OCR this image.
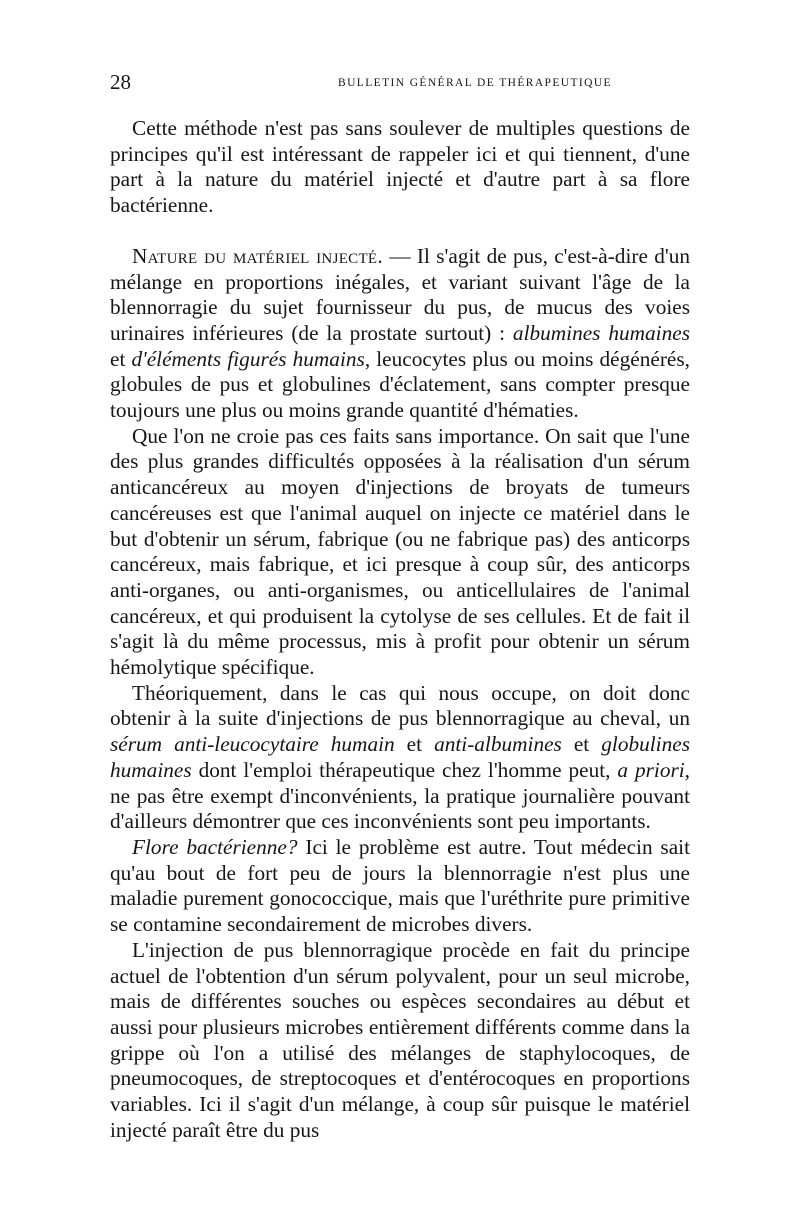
28	BULLETIN GÉNÉRAL DE THÉRAPEUTIQUE

Cette méthode n'est pas sans soulever de multiples questions de principes qu'il est intéressant de rappeler ici et qui tiennent, d'une part à la nature du matériel injecté et d'autre part à sa flore bactérienne.

Nature du matériel injecté. — Il s'agit de pus, c'est-à-dire d'un mélange en proportions inégales, et variant suivant l'âge de la blennorragie du sujet fournisseur du pus, de mucus des voies urinaires inférieures (de la prostate surtout) : albumines humaines et d'éléments figurés humains, leucocytes plus ou moins dégénérés, globules de pus et globulines d'éclatement, sans compter presque toujours une plus ou moins grande quantité d'hématies.

Que l'on ne croie pas ces faits sans importance. On sait que l'une des plus grandes difficultés opposées à la réalisation d'un sérum anticancéreux au moyen d'injections de broyats de tumeurs cancéreuses est que l'animal auquel on injecte ce matériel dans le but d'obtenir un sérum, fabrique (ou ne fabrique pas) des anticorps cancéreux, mais fabrique, et ici presque à coup sûr, des anticorps anti-organes, ou anti-organismes, ou anticellulaires de l'animal cancéreux, et qui produisent la cytolyse de ses cellules. Et de fait il s'agit là du même processus, mis à profit pour obtenir un sérum hémolytique spécifique.

Théoriquement, dans le cas qui nous occupe, on doit donc obtenir à la suite d'injections de pus blennorragique au cheval, un sérum anti-leucocytaire humain et anti-albumines et globulines humaines dont l'emploi thérapeutique chez l'homme peut, a priori, ne pas être exempt d'inconvénients, la pratique journalière pouvant d'ailleurs démontrer que ces inconvénients sont peu importants.

Flore bactérienne? Ici le problème est autre. Tout médecin sait qu'au bout de fort peu de jours la blennorragie n'est plus une maladie purement gonococcique, mais que l'uréthrite pure primitive se contamine secondairement de microbes divers.

L'injection de pus blennorragique procède en fait du principe actuel de l'obtention d'un sérum polyvalent, pour un seul microbe, mais de différentes souches ou espèces secondaires au début et aussi pour plusieurs microbes entièrement différents comme dans la grippe où l'on a utilisé des mélanges de staphylocoques, de pneumocoques, de streptocoques et d'entérocoques en proportions variables. Ici il s'agit d'un mélange, à coup sûr puisque le matériel injecté paraît être du pus
